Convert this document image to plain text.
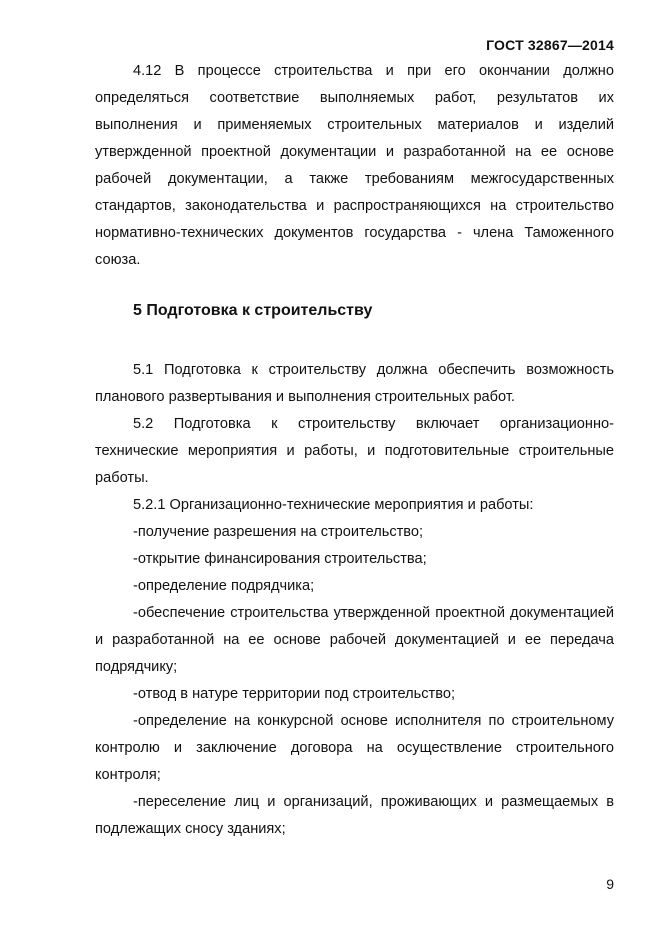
ГОСТ 32867—2014

4.12 В процессе строительства и при его окончании должно определяться соответствие выполняемых работ, результатов их выполнения и применяемых строительных материалов и изделий утвержденной проектной документации и разработанной на ее основе рабочей документации, а также требованиям межгосударственных стандартов, законодательства и распространяющихся на строительство нормативно-технических документов государства - члена Таможенного союза.

5 Подготовка к строительству

5.1 Подготовка к строительству должна обеспечить возможность планового развертывания и выполнения строительных работ.

5.2 Подготовка к строительству включает организационно-технические мероприятия и работы, и подготовительные строительные работы.

5.2.1 Организационно-технические мероприятия и работы:

-получение разрешения на строительство;

-открытие финансирования строительства;

-определение подрядчика;

-обеспечение строительства утвержденной проектной документацией и разработанной на ее основе рабочей документацией и ее передача подрядчику;

-отвод в натуре территории под строительство;

-определение на конкурсной основе исполнителя по строительному контролю и заключение договора на осуществление строительного контроля;

-переселение лиц и организаций, проживающих и размещаемых в подлежащих сносу зданиях;

9
